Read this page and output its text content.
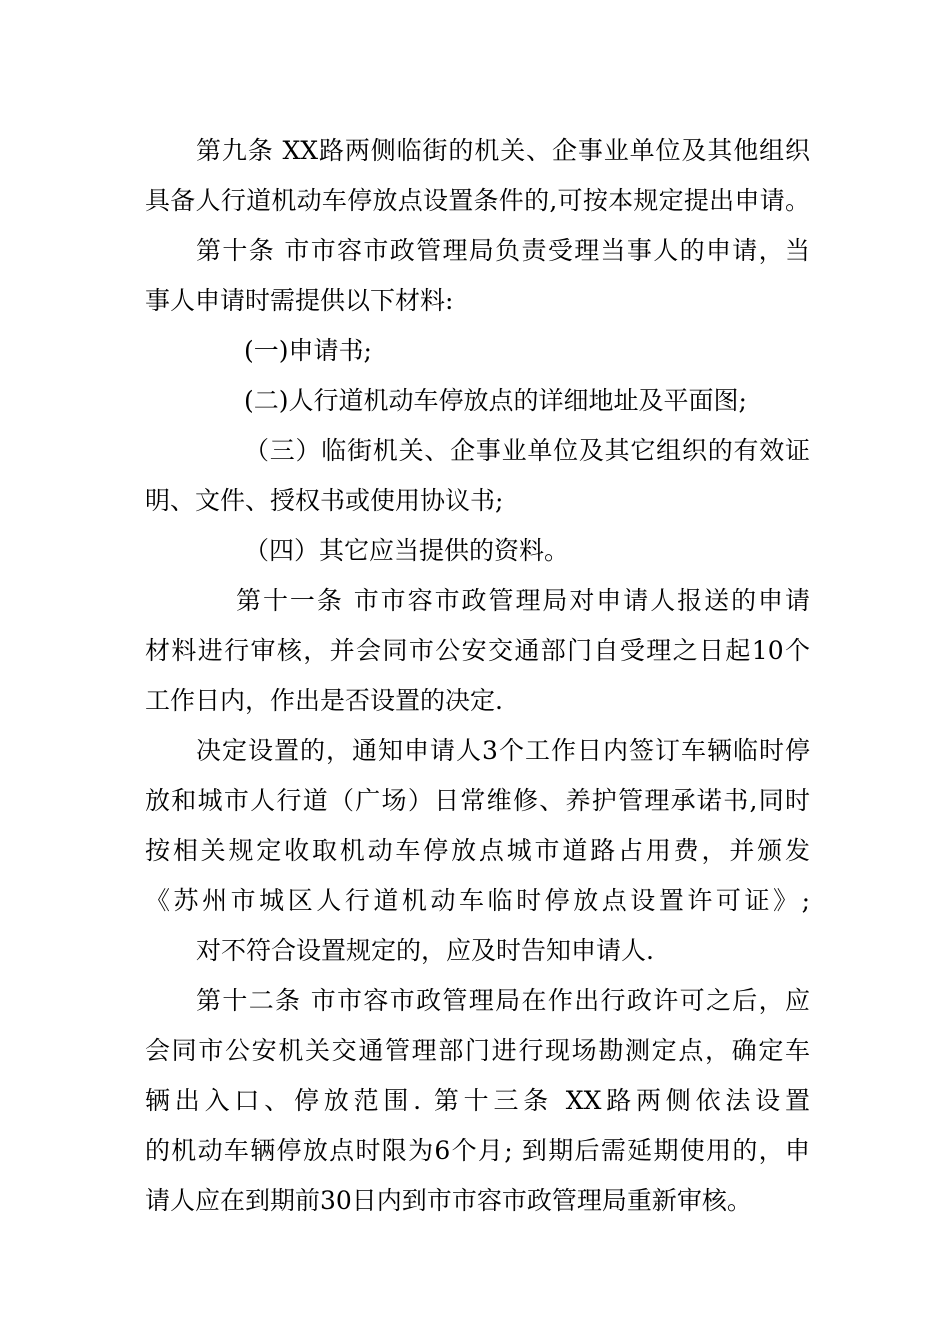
第九条 XX路两侧临街的机关、企事业单位及其他组织
具备人行道机动车停放点设置条件的,可按本规定提出申请。
第十条 市市容市政管理局负责受理当事人的申请，当
事人申请时需提供以下材料:
(一)申请书;
(二)人行道机动车停放点的详细地址及平面图;
（三）临街机关、企事业单位及其它组织的有效证
明、文件、授权书或使用协议书;
（四）其它应当提供的资料。
第十一条 市市容市政管理局对申请人报送的申请
材料进行审核，并会同市公安交通部门自受理之日起10个
工作日内，作出是否设置的决定.
决定设置的，通知申请人3个工作日内签订车辆临时停
放和城市人行道（广场）日常维修、养护管理承诺书,同时
按相关规定收取机动车停放点城市道路占用费，并颁发
《苏州市城区人行道机动车临时停放点设置许可证》;
对不符合设置规定的，应及时告知申请人.
第十二条 市市容市政管理局在作出行政许可之后，应
会同市公安机关交通管理部门进行现场勘测定点，确定车
辆出入口、停放范围. 第十三条 XX路两侧依法设置
的机动车辆停放点时限为6个月; 到期后需延期使用的，申
请人应在到期前30日内到市市容市政管理局重新审核。
